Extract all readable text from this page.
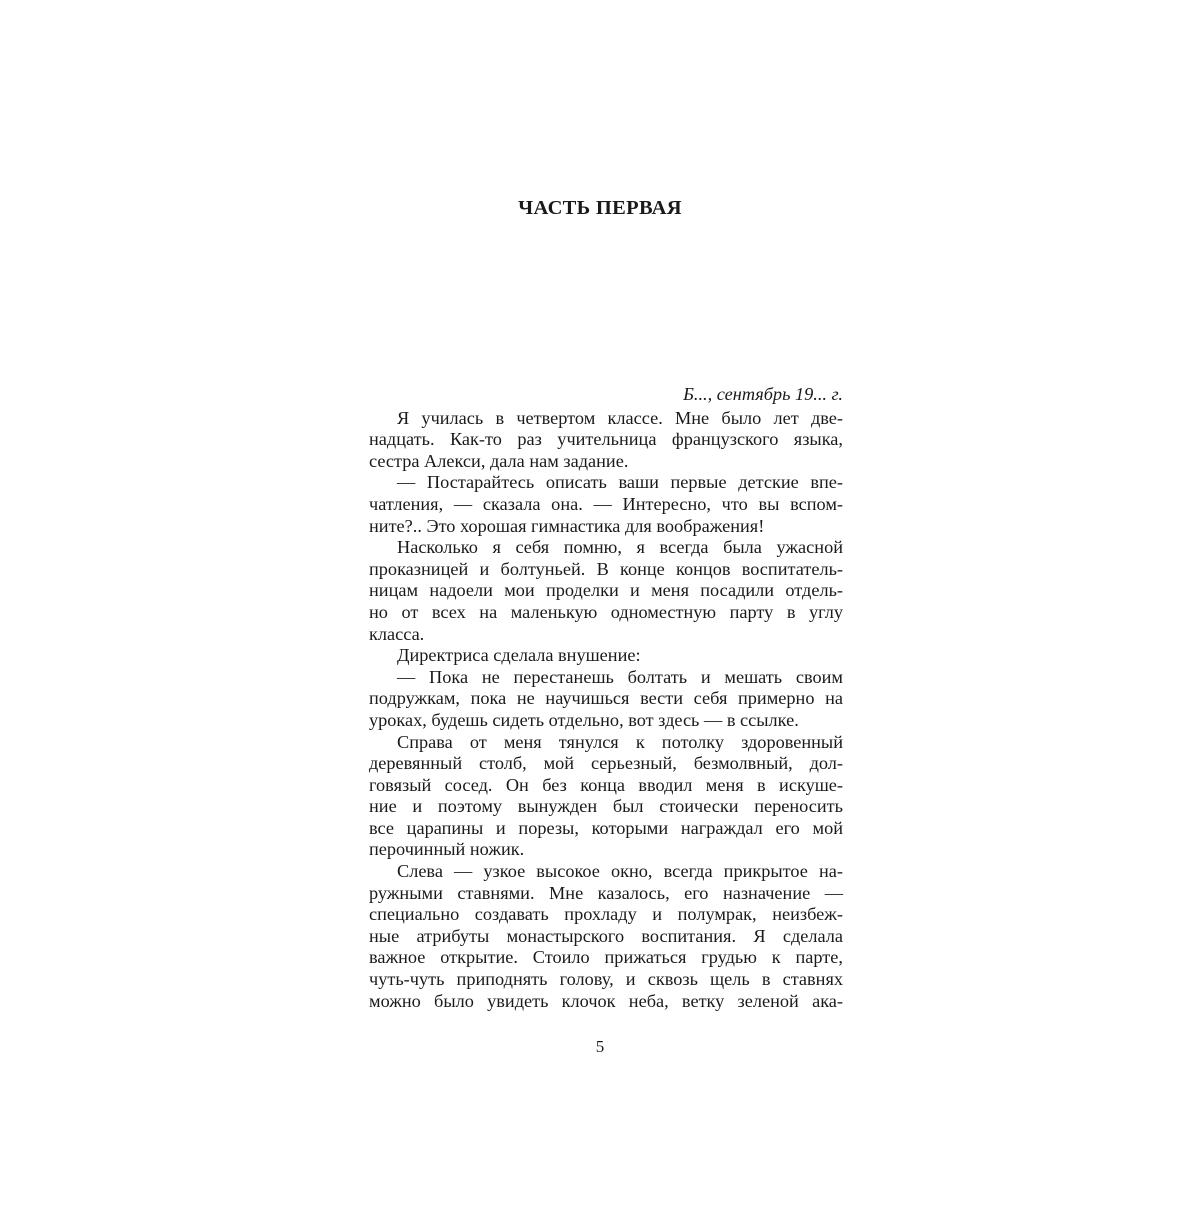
ЧАСТЬ ПЕРВАЯ

Б..., сентябрь 19... г.

Я училась в четвертом классе. Мне было лет две-
надцать. Как-то раз учительница французского языка,
сестра Алекси, дала нам задание.
— Постарайтесь описать ваши первые детские впе-
чатления, — сказала она. — Интересно, что вы вспом-
ните?.. Это хорошая гимнастика для воображения!
Насколько я себя помню, я всегда была ужасной
проказницей и болтуньей. В конце концов воспитатель-
ницам надоели мои проделки и меня посадили отдель-
но от всех на маленькую одноместную парту в углу
класса.
Директриса сделала внушение:
— Пока не перестанешь болтать и мешать своим
подружкам, пока не научишься вести себя примерно на
уроках, будешь сидеть отдельно, вот здесь — в ссылке.
Справа от меня тянулся к потолку здоровенный
деревянный столб, мой серьезный, безмолвный, дол-
говязый сосед. Он без конца вводил меня в искуше-
ние и поэтому вынужден был стоически переносить
все царапины и порезы, которыми награждал его мой
перочинный ножик.
Слева — узкое высокое окно, всегда прикрытое на-
ружными ставнями. Мне казалось, его назначение —
специально создавать прохладу и полумрак, неизбеж-
ные атрибуты монастырского воспитания. Я сделала
важное открытие. Стоило прижаться грудью к парте,
чуть-чуть приподнять голову, и сквозь щель в ставнях
можно было увидеть клочок неба, ветку зеленой ака-

5
